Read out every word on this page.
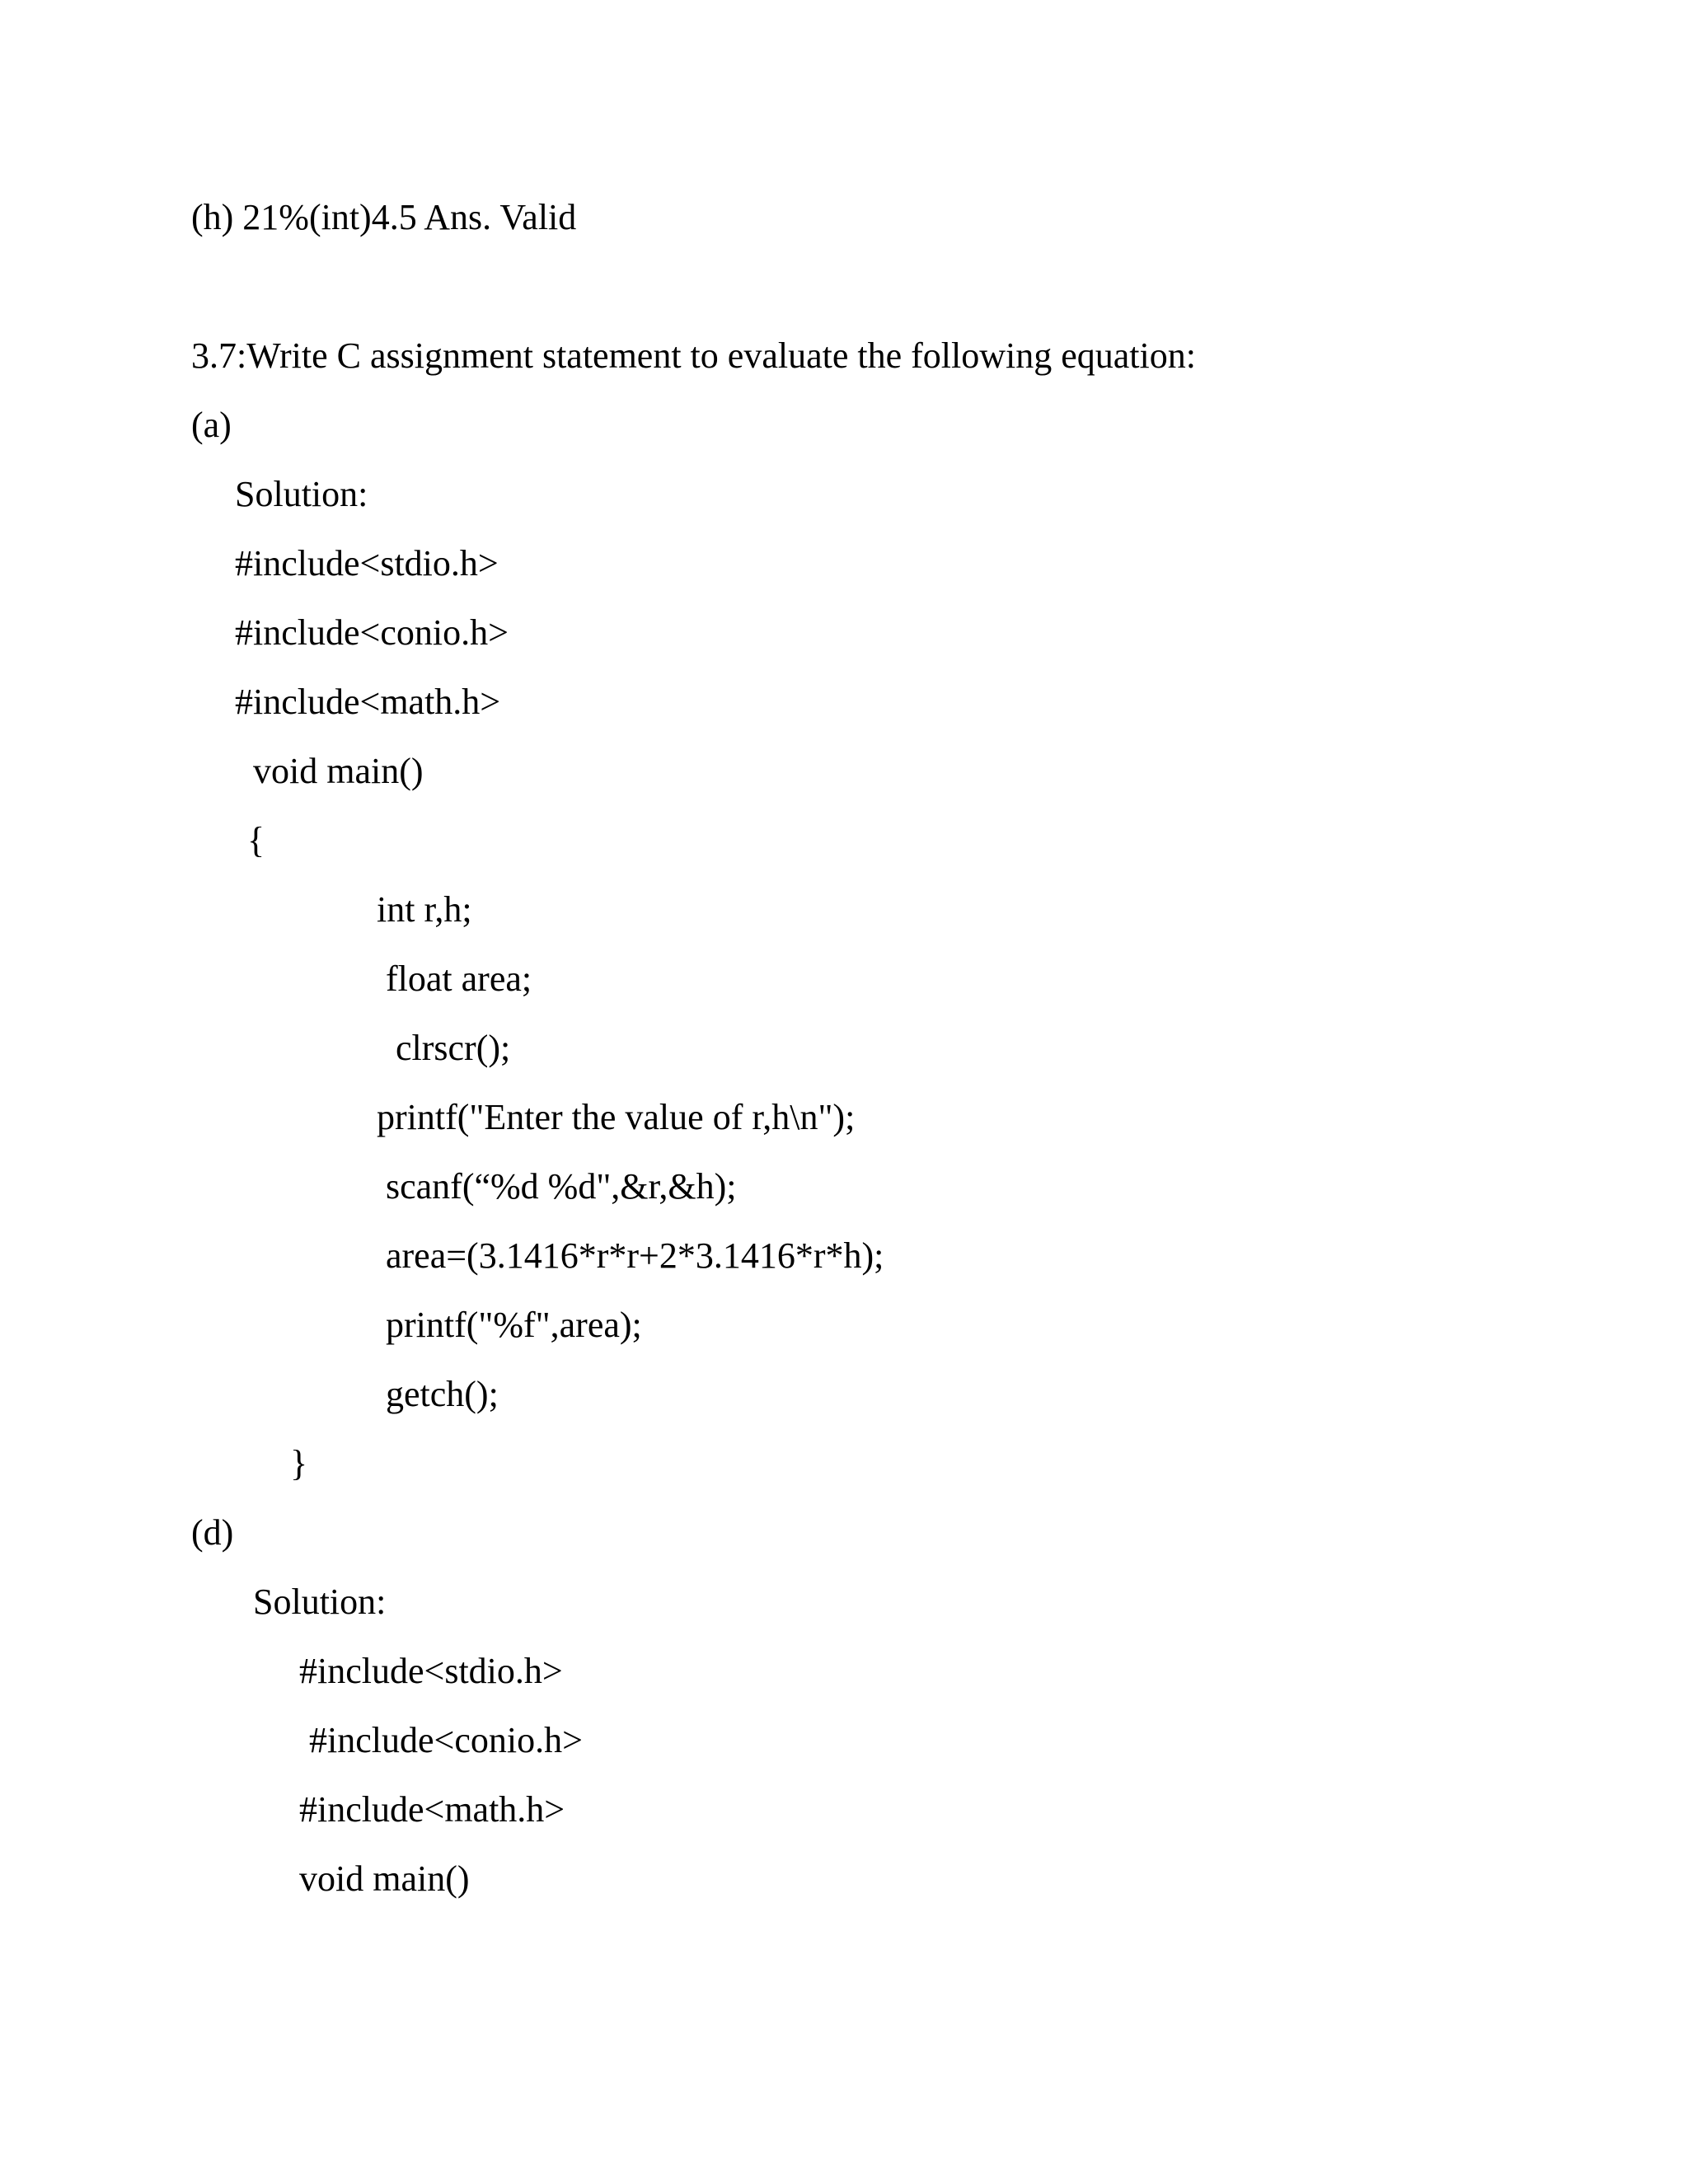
(h) 21%(int)4.5 Ans. Valid
3.7:Write C assignment statement to evaluate the following equation:
(a)
Solution:
#include<stdio.h>
#include<conio.h>
#include<math.h>
void main()
{
int r,h;
float area;
clrscr();
printf("Enter the value of r,h\n");
scanf(“%d %d",&r,&h);
area=(3.1416*r*r+2*3.1416*r*h);
printf("%f",area);
getch();
}
(d)
Solution:
#include<stdio.h>
#include<conio.h>
#include<math.h>
void main()
